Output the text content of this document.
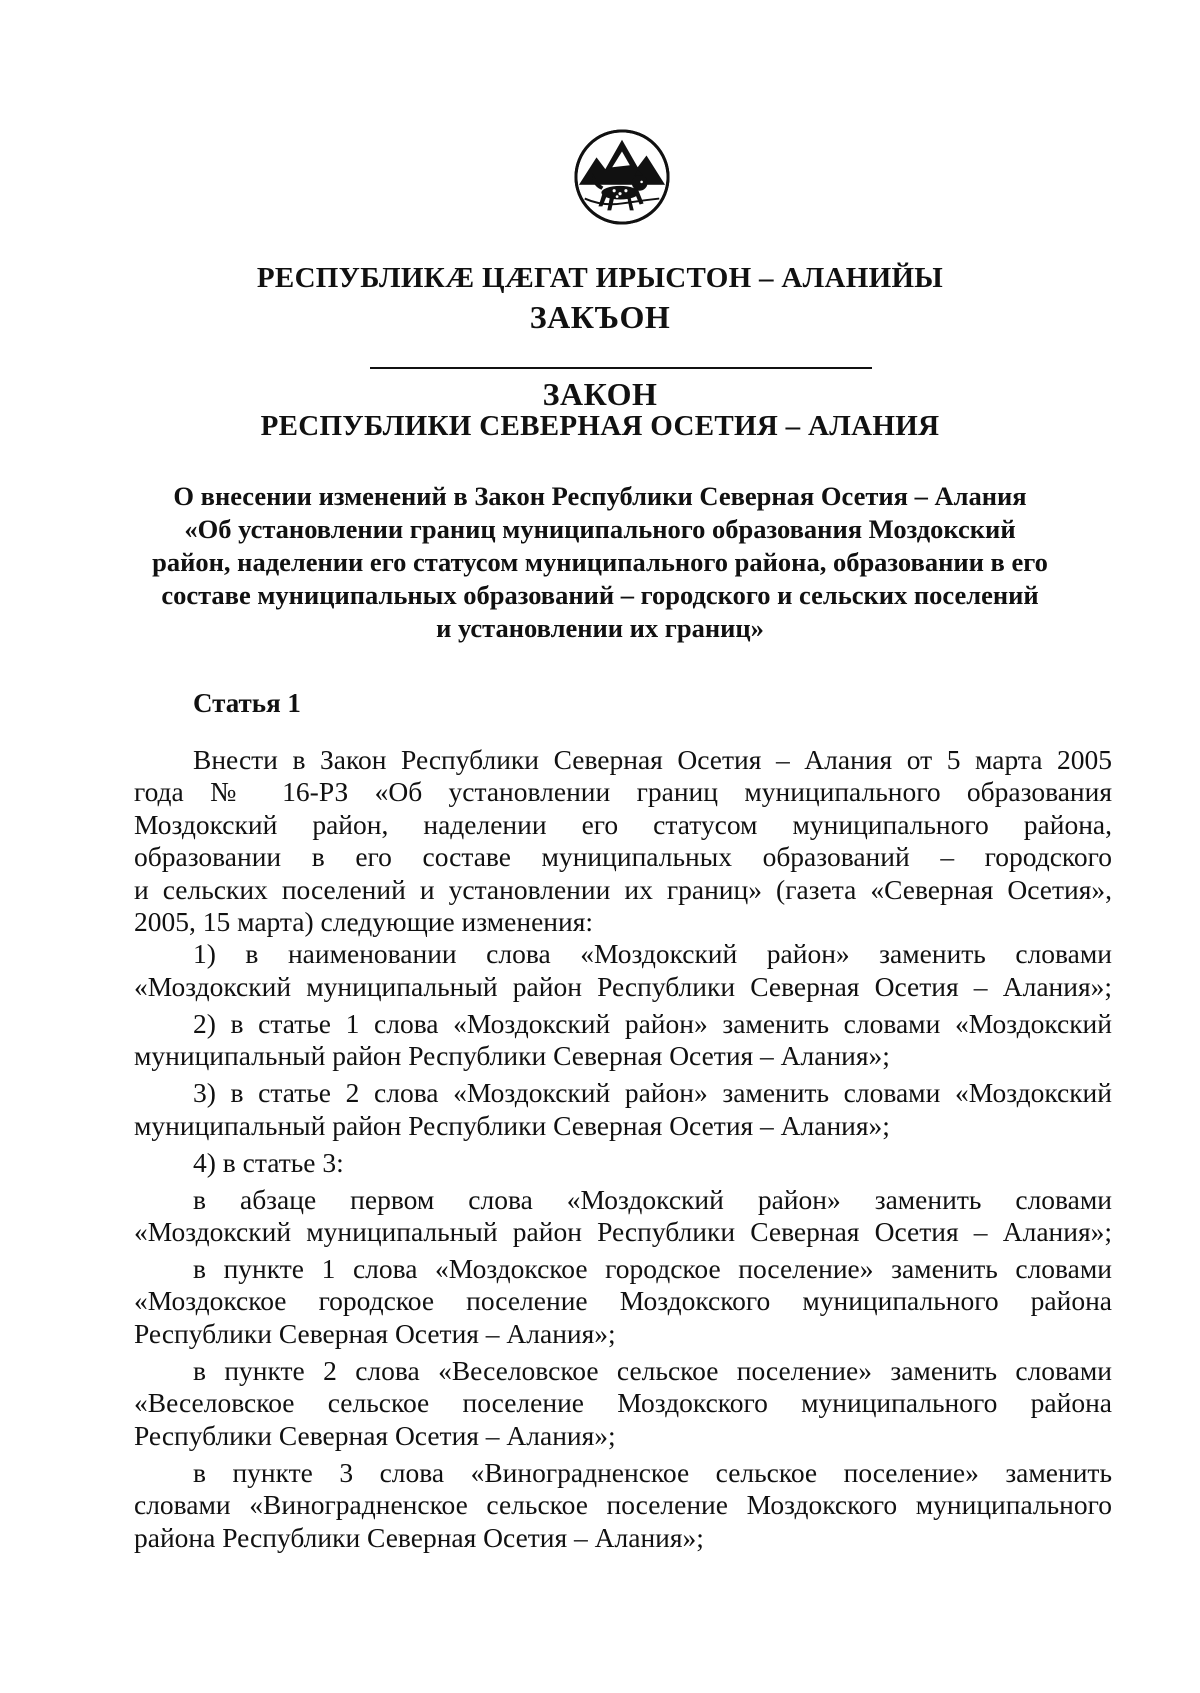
РЕСПУБЛИКӔ ЦӔГАТ ИРЫСТОН – АЛАНИЙЫ
ЗАКЪОН
ЗАКОН
РЕСПУБЛИКИ СЕВЕРНАЯ ОСЕТИЯ – АЛАНИЯ
О внесении изменений в Закон Республики Северная Осетия – Алания
«Об установлении границ муниципального образования Моздокский
район, наделении его статусом муниципального района, образовании в его
составе муниципальных образований – городского и сельских поселений
и установлении их границ»
Статья 1
Внести в Закон Республики Северная Осетия – Алания от 5 марта 2005
года № 16-РЗ «Об установлении границ муниципального образования
Моздокский район, наделении его статусом муниципального района,
образовании в его составе муниципальных образований – городского
и сельских поселений и установлении их границ» (газета «Северная Осетия»,
2005, 15 марта) следующие изменения:
1) в наименовании слова «Моздокский район» заменить словами
«Моздокский муниципальный район Республики Северная Осетия – Алания»;
2) в статье 1 слова «Моздокский район» заменить словами «Моздокский
муниципальный район Республики Северная Осетия – Алания»;
3) в статье 2 слова «Моздокский район» заменить словами «Моздокский
муниципальный район Республики Северная Осетия – Алания»;
4) в статье 3:
в абзаце первом слова «Моздокский район» заменить словами
«Моздокский муниципальный район Республики Северная Осетия – Алания»;
в пункте 1 слова «Моздокское городское поселение» заменить словами
«Моздокское городское поселение Моздокского муниципального района
Республики Северная Осетия – Алания»;
в пункте 2 слова «Веселовское сельское поселение» заменить словами
«Веселовское сельское поселение Моздокского муниципального района
Республики Северная Осетия – Алания»;
в пункте 3 слова «Виноградненское сельское поселение» заменить
словами «Виноградненское сельское поселение Моздокского муниципального
района Республики Северная Осетия – Алания»;
